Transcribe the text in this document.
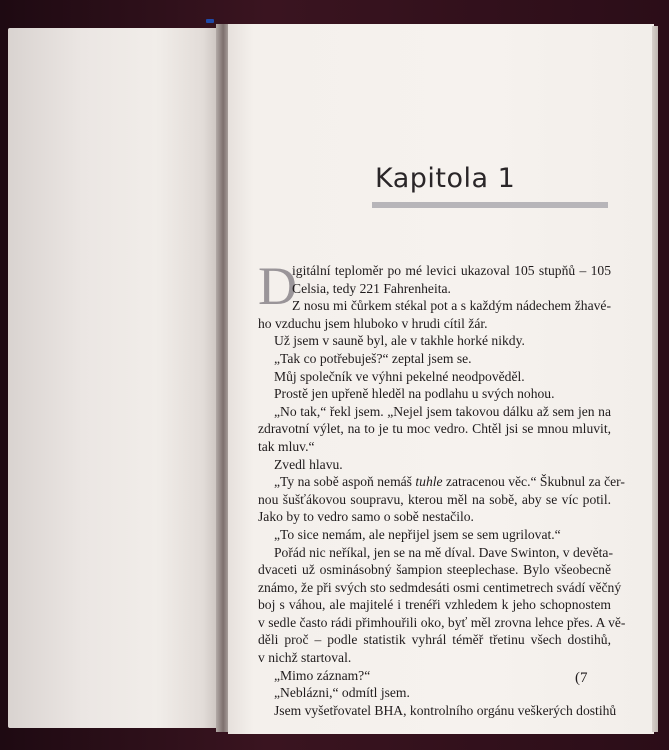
Kapitola 1
D
igitální teploměr po mé levici ukazoval 105 stupňů – 105
Celsia, tedy 221 Fahrenheita.
Z nosu mi čůrkem stékal pot a s každým nádechem žhavé-
ho vzduchu jsem hluboko v hrudi cítil žár.
Už jsem v sauně byl, ale v takhle horké nikdy.
„Tak co potřebuješ?“ zeptal jsem se.
Můj společník ve výhni pekelné neodpověděl.
Prostě jen upřeně hleděl na podlahu u svých nohou.
„No tak,“ řekl jsem. „Nejel jsem takovou dálku až sem jen na
zdravotní výlet, na to je tu moc vedro. Chtěl jsi se mnou mluvit,
tak mluv.“
Zvedl hlavu.
„Ty na sobě aspoň nemáš tuhle zatracenou věc.“ Škubnul za čer-
nou šušťákovou soupravu, kterou měl na sobě, aby se víc potil.
Jako by to vedro samo o sobě nestačilo.
„To sice nemám, ale nepřijel jsem se sem ugrilovat.“
Pořád nic neříkal, jen se na mě díval. Dave Swinton, v devěta-
dvaceti už osminásobný šampion steeplechase. Bylo všeobecně
známo, že při svých sto sedmdesáti osmi centimetrech svádí věčný
boj s váhou, ale majitelé i trenéři vzhledem k jeho schopnostem
v sedle často rádi přimhouřili oko, byť měl zrovna lehce přes. A vě-
děli proč – podle statistik vyhrál téměř třetinu všech dostihů,
v nichž startoval.
„Mimo záznam?“
„Neblázni,“ odmítl jsem.
Jsem vyšetřovatel BHA, kontrolního orgánu veškerých dostihů
(7
